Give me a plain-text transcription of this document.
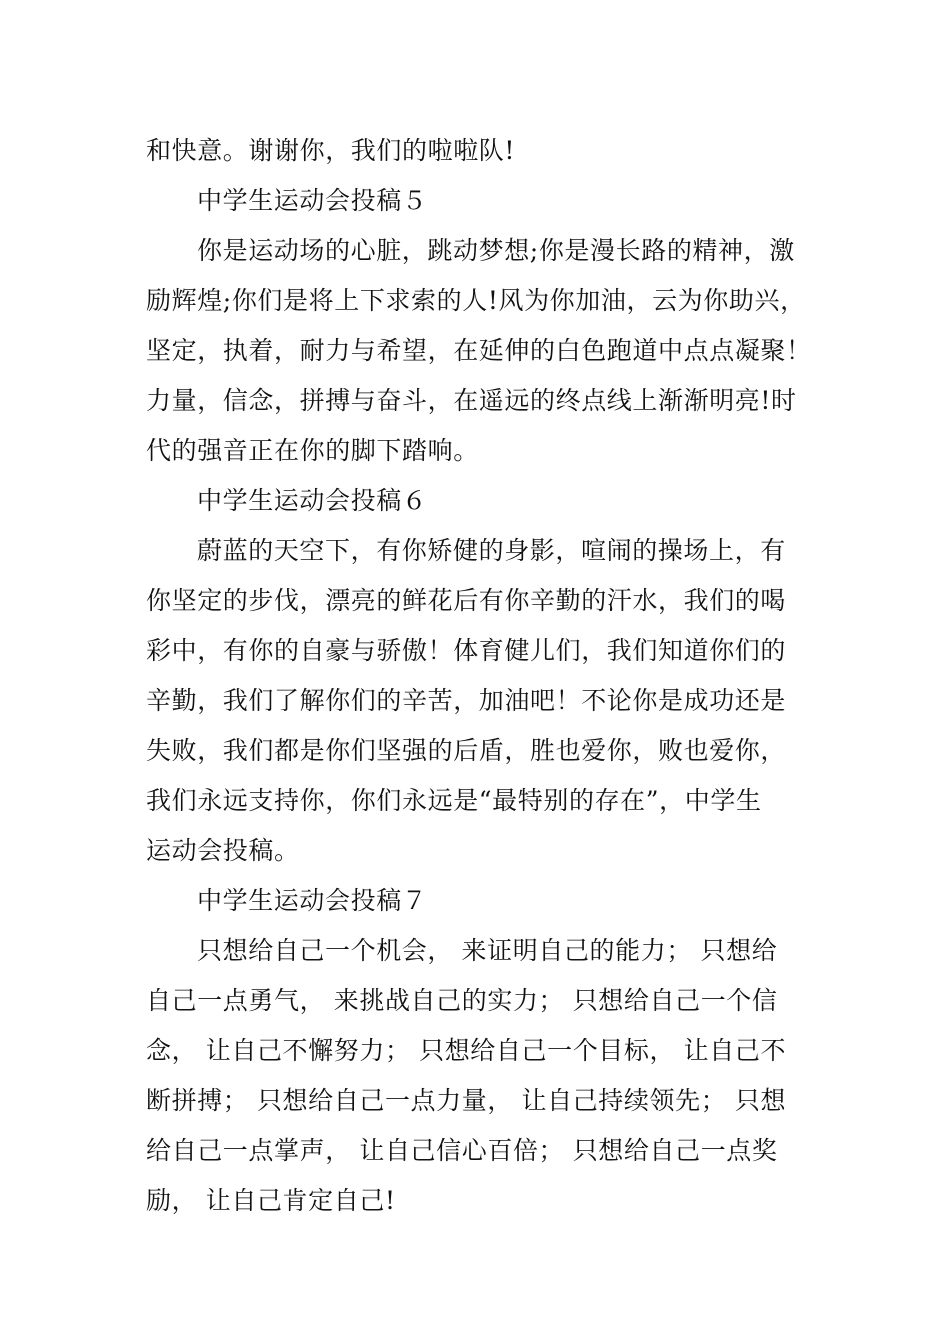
和快意。谢谢你，我们的啦啦队!
中学生运动会投稿５
你是运动场的心脏，跳动梦想;你是漫长路的精神，激
励辉煌;你们是将上下求索的人!风为你加油，云为你助兴，
坚定，执着，耐力与希望，在延伸的白色跑道中点点凝聚！
力量，信念，拼搏与奋斗，在遥远的终点线上渐渐明亮!时
代的强音正在你的脚下踏响。
中学生运动会投稿６
蔚蓝的天空下，有你矫健的身影，喧闹的操场上，有
你坚定的步伐，漂亮的鲜花后有你辛勤的汗水，我们的喝
彩中，有你的自豪与骄傲！体育健儿们，我们知道你们的
辛勤，我们了解你们的辛苦，加油吧！不论你是成功还是
失败，我们都是你们坚强的后盾，胜也爱你，败也爱你，
我们永远支持你，你们永远是“最特别的存在”，中学生
运动会投稿。
中学生运动会投稿７
只想给自己一个机会， 来证明自己的能力； 只想给
自己一点勇气， 来挑战自己的实力； 只想给自己一个信
念， 让自己不懈努力； 只想给自己一个目标， 让自己不
断拼搏； 只想给自己一点力量， 让自己持续领先； 只想
给自己一点掌声， 让自己信心百倍； 只想给自己一点奖
励， 让自己肯定自己!
